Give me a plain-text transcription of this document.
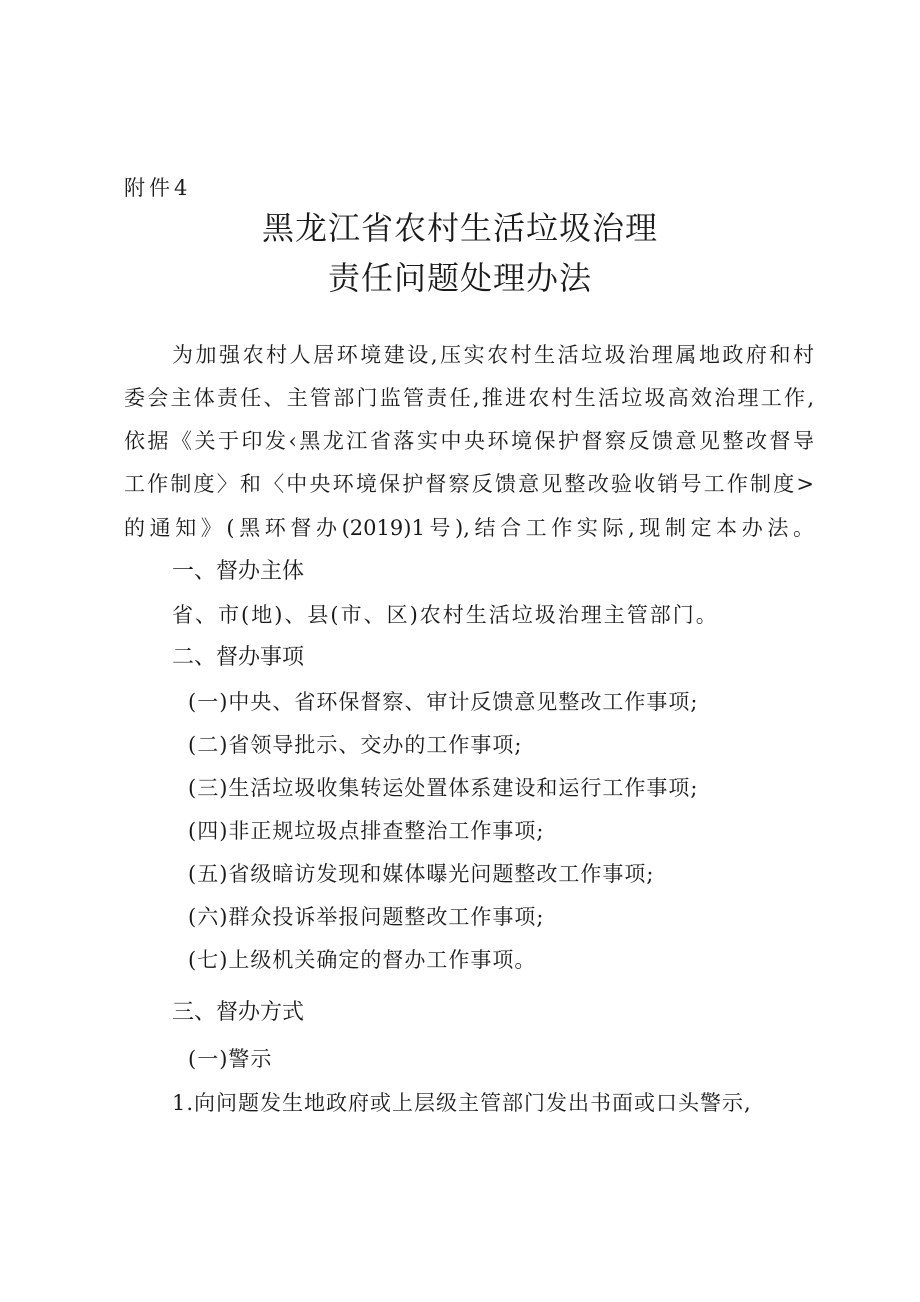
附件4
黑龙江省农村生活垃圾治理
责任问题处理办法
为加强农村人居环境建设,压实农村生活垃圾治理属地政府和村
委会主体责任、主管部门监管责任,推进农村生活垃圾高效治理工作,
依据《关于印发‹黑龙江省落实中央环境保护督察反馈意见整改督导
工作制度〉和〈中央环境保护督察反馈意见整改验收销号工作制度>
的通知》(黑环督办(2019)1号),结合工作实际,现制定本办法。
一、督办主体
省、市(地)、县(市、区)农村生活垃圾治理主管部门。
二、督办事项
(一)中央、省环保督察、审计反馈意见整改工作事项;
(二)省领导批示、交办的工作事项;
(三)生活垃圾收集转运处置体系建设和运行工作事项;
(四)非正规垃圾点排查整治工作事项;
(五)省级暗访发现和媒体曝光问题整改工作事项;
(六)群众投诉举报问题整改工作事项;
(七)上级机关确定的督办工作事项。
三、督办方式
(一)警示
1.向问题发生地政府或上层级主管部门发出书面或口头警示,
